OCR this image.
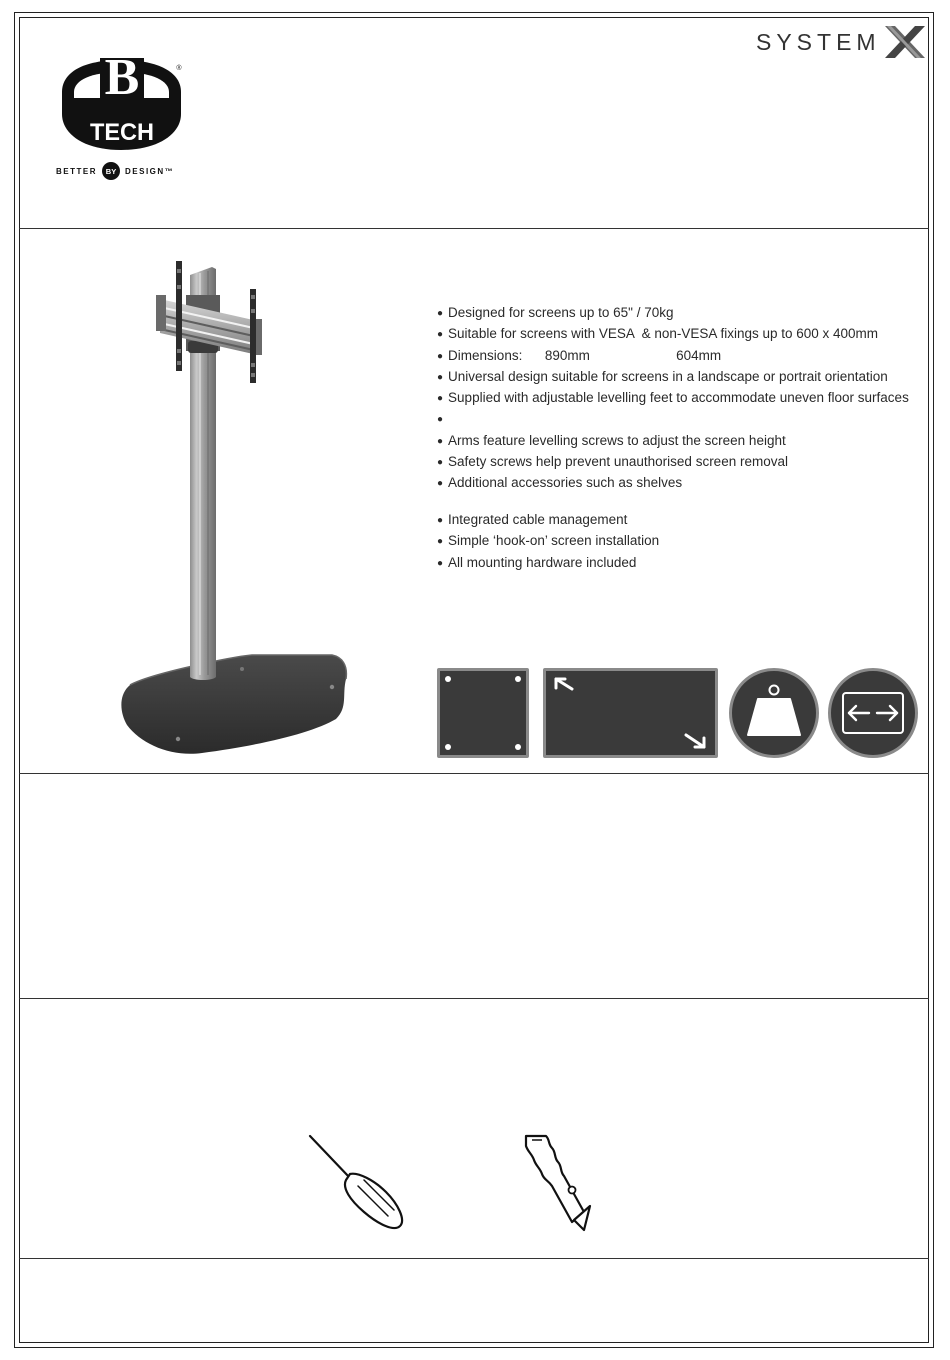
SYSTEM
B
TECH
®
BETTER	BY	DESIGN™
● Designed for screens up to 65" / 70kg
● Suitable for screens with VESA  & non-VESA fixings up to 600 x 400mm
● Dimensions:      890mm                       604mm
● Universal design suitable for screens in a landscape or portrait orientation
● Supplied with adjustable levelling feet to accommodate uneven floor surfaces
●
● Arms feature levelling screws to adjust the screen height
● Safety screws help prevent unauthorised screen removal
● Additional accessories such as shelves
● Integrated cable management
● Simple ‘hook-on’ screen installation
● All mounting hardware included
